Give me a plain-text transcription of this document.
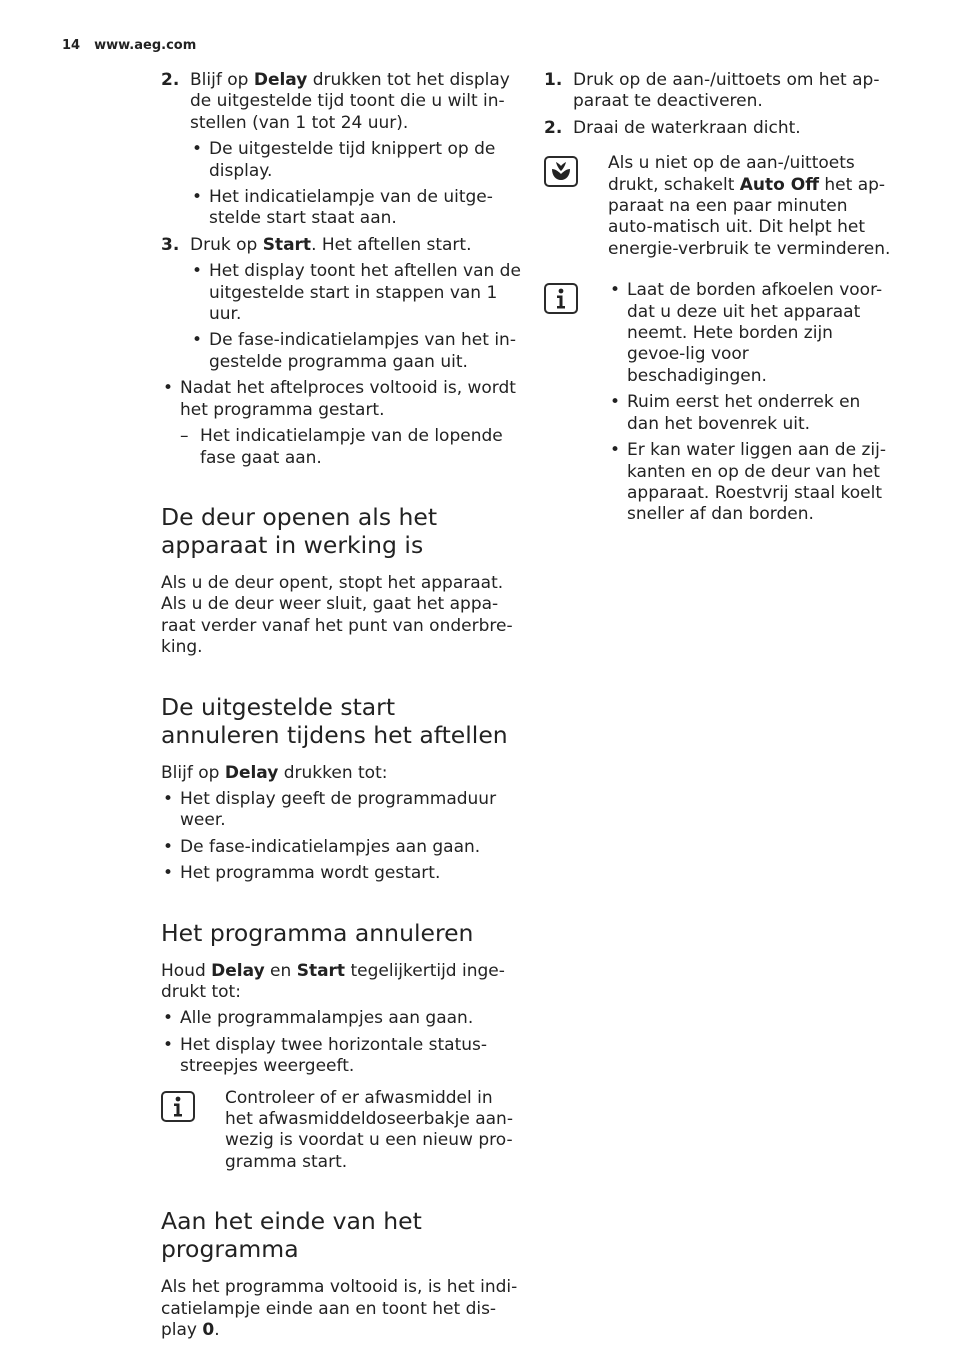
14 www.aeg.com
2. Blijf op Delay drukken tot het display de uitgestelde tijd toont die u wilt in-stellen (van 1 tot 24 uur).

• De uitgestelde tijd knippert op de display.
• Het indicatielampje van de uitge-stelde start staat aan.
3. Druk op Start. Het aftellen start.

• Het display toont het aftellen van de uitgestelde start in stappen van 1 uur.
• De fase-indicatielampjes van het in-gestelde programma gaan uit.
• Nadat het aftelproces voltooid is, wordt het programma gestart.
– Het indicatielampje van de lopende fase gaat aan.
De deur openen als het apparaat in werking is

Als u de deur opent, stopt het apparaat. Als u de deur weer sluit, gaat het appa-raat verder vanaf het punt van onderbre-king.

De uitgestelde start annuleren tijdens het aftellen

Blijf op Delay drukken tot:

• Het display geeft de programmaduur weer.
• De fase-indicatielampjes aan gaan.
• Het programma wordt gestart.
Het programma annuleren

Houd Delay en Start tegelijkertijd inge-drukt tot:

• Alle programmalampjes aan gaan.
• Het display twee horizontale status-streepjes weergeeft.

Controleer of er afwasmiddel in het afwasmiddeldoseerbakje aan-wezig is voordat u een nieuw pro-gramma start.

Aan het einde van het programma

Als het programma voltooid is, is het indi-catielampje einde aan en toont het dis-play 0.

1. Druk op de aan-/uittoets om het ap-paraat te deactiveren.

2. Draai de waterkraan dicht.

Als u niet op de aan-/uittoets drukt, schakelt Auto Off het ap-paraat na een paar minuten auto-matisch uit. Dit helpt het energie-verbruik te verminderen.

• Laat de borden afkoelen voor-dat u deze uit het apparaat neemt. Hete borden zijn gevoe-lig voor beschadigingen.
• Ruim eerst het onderrek en dan het bovenrek uit.
• Er kan water liggen aan de zij-kanten en op de deur van het apparaat. Roestvrij staal koelt sneller af dan borden.
